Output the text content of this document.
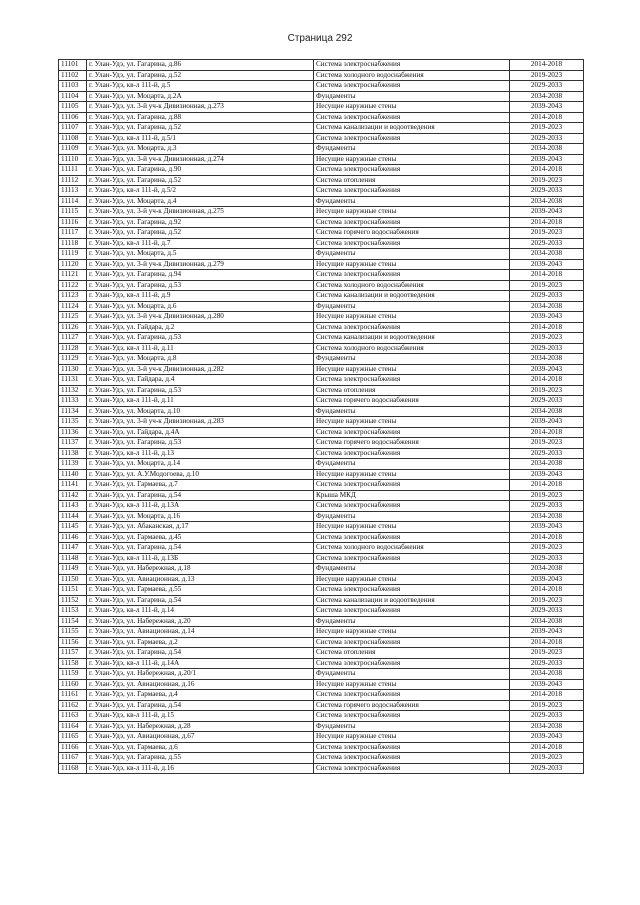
Страница 292
11101	г. Улан-Удэ, ул. Гагарина, д.86	Система электроснабжения	2014-2018
11102	г. Улан-Удэ, ул. Гагарина, д.52	Система холодного водоснабжения	2019-2023
11103	г. Улан-Удэ, кв-л 111-й, д.5	Система электроснабжения	2029-2033
11104	г. Улан-Удэ, ул. Моцарта, д.2А	Фундаменты	2034-2038
11105	г. Улан-Удэ, ул. 3-й уч-к Дивизионная, д.273	Несущие наружные стены	2039-2043
11106	г. Улан-Удэ, ул. Гагарина, д.88	Система электроснабжения	2014-2018
11107	г. Улан-Удэ, ул. Гагарина, д.52	Система канализации и водоотведения	2019-2023
11108	г. Улан-Удэ, кв-л 111-й, д.5/1	Система электроснабжения	2029-2033
11109	г. Улан-Удэ, ул. Моцарта, д.3	Фундаменты	2034-2038
11110	г. Улан-Удэ, ул. 3-й уч-к Дивизионная, д.274	Несущие наружные стены	2039-2043
11111	г. Улан-Удэ, ул. Гагарина, д.90	Система электроснабжения	2014-2018
11112	г. Улан-Удэ, ул. Гагарина, д.52	Система отопления	2019-2023
11113	г. Улан-Удэ, кв-л 111-й, д.5/2	Система электроснабжения	2029-2033
11114	г. Улан-Удэ, ул. Моцарта, д.4	Фундаменты	2034-2038
11115	г. Улан-Удэ, ул. 3-й уч-к Дивизионная, д.275	Несущие наружные стены	2039-2043
11116	г. Улан-Удэ, ул. Гагарина, д.92	Система электроснабжения	2014-2018
11117	г. Улан-Удэ, ул. Гагарина, д.52	Система горячего водоснабжения	2019-2023
11118	г. Улан-Удэ, кв-л 111-й, д.7	Система электроснабжения	2029-2033
11119	г. Улан-Удэ, ул. Моцарта, д.5	Фундаменты	2034-2038
11120	г. Улан-Удэ, ул. 3-й уч-к Дивизионная, д.279	Несущие наружные стены	2039-2043
11121	г. Улан-Удэ, ул. Гагарина, д.94	Система электроснабжения	2014-2018
11122	г. Улан-Удэ, ул. Гагарина, д.53	Система холодного водоснабжения	2019-2023
11123	г. Улан-Удэ, кв-л 111-й, д.9	Система канализации и водоотведения	2029-2033
11124	г. Улан-Удэ, ул. Моцарта, д.6	Фундаменты	2034-2038
11125	г. Улан-Удэ, ул. 3-й уч-к Дивизионная, д.280	Несущие наружные стены	2039-2043
11126	г. Улан-Удэ, ул. Гайдара, д.2	Система электроснабжения	2014-2018
11127	г. Улан-Удэ, ул. Гагарина, д.53	Система канализации и водоотведения	2019-2023
11128	г. Улан-Удэ, кв-л 111-й, д.11	Система холодного водоснабжения	2029-2033
11129	г. Улан-Удэ, ул. Моцарта, д.8	Фундаменты	2034-2038
11130	г. Улан-Удэ, ул. 3-й уч-к Дивизионная, д.282	Несущие наружные стены	2039-2043
11131	г. Улан-Удэ, ул. Гайдара, д.4	Система электроснабжения	2014-2018
11132	г. Улан-Удэ, ул. Гагарина, д.53	Система отопления	2019-2023
11133	г. Улан-Удэ, кв-л 111-й, д.11	Система горячего водоснабжения	2029-2033
11134	г. Улан-Удэ, ул. Моцарта, д.10	Фундаменты	2034-2038
11135	г. Улан-Удэ, ул. 3-й уч-к Дивизионная, д.283	Несущие наружные стены	2039-2043
11136	г. Улан-Удэ, ул. Гайдара, д.4А	Система электроснабжения	2014-2018
11137	г. Улан-Удэ, ул. Гагарина, д.53	Система горячего водоснабжения	2019-2023
11138	г. Улан-Удэ, кв-л 111-й, д.13	Система электроснабжения	2029-2033
11139	г. Улан-Удэ, ул. Моцарта, д.14	Фундаменты	2034-2038
11140	г. Улан-Удэ, ул. А.У.Модогоева, д.10	Несущие наружные стены	2039-2043
11141	г. Улан-Удэ, ул. Гармаева, д.7	Система электроснабжения	2014-2018
11142	г. Улан-Удэ, ул. Гагарина, д.54	Крыша МКД	2019-2023
11143	г. Улан-Удэ, кв-л 111-й, д.13А	Система электроснабжения	2029-2033
11144	г. Улан-Удэ, ул. Моцарта, д.16	Фундаменты	2034-2038
11145	г. Улан-Удэ, ул. Абаканская, д.17	Несущие наружные стены	2039-2043
11146	г. Улан-Удэ, ул. Гармаева, д.45	Система электроснабжения	2014-2018
11147	г. Улан-Удэ, ул. Гагарина, д.54	Система холодного водоснабжения	2019-2023
11148	г. Улан-Удэ, кв-л 111-й, д.13Б	Система электроснабжения	2029-2033
11149	г. Улан-Удэ, ул. Набережная, д.18	Фундаменты	2034-2038
11150	г. Улан-Удэ, ул. Авиационная, д.13	Несущие наружные стены	2039-2043
11151	г. Улан-Удэ, ул. Гармаева, д.55	Система электроснабжения	2014-2018
11152	г. Улан-Удэ, ул. Гагарина, д.54	Система канализации и водоотведения	2019-2023
11153	г. Улан-Удэ, кв-л 111-й, д.14	Система электроснабжения	2029-2033
11154	г. Улан-Удэ, ул. Набережная, д.20	Фундаменты	2034-2038
11155	г. Улан-Удэ, ул. Авиационная, д.14	Несущие наружные стены	2039-2043
11156	г. Улан-Удэ, ул. Гармаева, д.2	Система электроснабжения	2014-2018
11157	г. Улан-Удэ, ул. Гагарина, д.54	Система отопления	2019-2023
11158	г. Улан-Удэ, кв-л 111-й, д.14А	Система электроснабжения	2029-2033
11159	г. Улан-Удэ, ул. Набережная, д.20/1	Фундаменты	2034-2038
11160	г. Улан-Удэ, ул. Авиационная, д.16	Несущие наружные стены	2039-2043
11161	г. Улан-Удэ, ул. Гармаева, д.4	Система электроснабжения	2014-2018
11162	г. Улан-Удэ, ул. Гагарина, д.54	Система горячего водоснабжения	2019-2023
11163	г. Улан-Удэ, кв-л 111-й, д.15	Система электроснабжения	2029-2033
11164	г. Улан-Удэ, ул. Набережная, д.28	Фундаменты	2034-2038
11165	г. Улан-Удэ, ул. Авиационная, д.67	Несущие наружные стены	2039-2043
11166	г. Улан-Удэ, ул. Гармаева, д.6	Система электроснабжения	2014-2018
11167	г. Улан-Удэ, ул. Гагарина, д.55	Система электроснабжения	2019-2023
11168	г. Улан-Удэ, кв-л 111-й, д.16	Система электроснабжения	2029-2033
